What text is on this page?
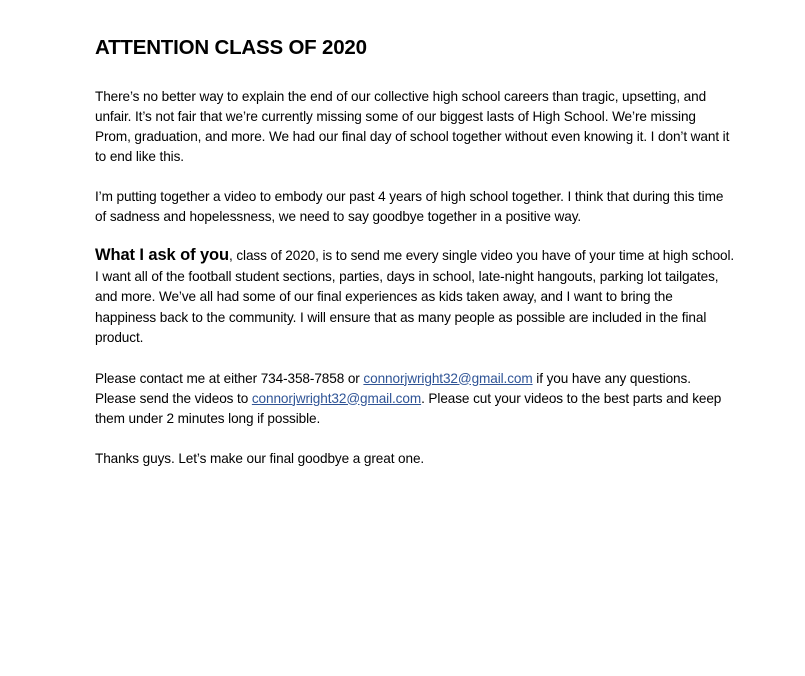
ATTENTION CLASS OF 2020

There’s no better way to explain the end of our collective high school careers than tragic, upsetting, and unfair. It’s not fair that we’re currently missing some of our biggest lasts of High School. We’re missing Prom, graduation, and more. We had our final day of school together without even knowing it. I don’t want it to end like this.

I’m putting together a video to embody our past 4 years of high school together. I think that during this time of sadness and hopelessness, we need to say goodbye together in a positive way.

What I ask of you, class of 2020, is to send me every single video you have of your time at high school. I want all of the football student sections, parties, days in school, late-night hangouts, parking lot tailgates, and more. We’ve all had some of our final experiences as kids taken away, and I want to bring the happiness back to the community. I will ensure that as many people as possible are included in the final product.

Please contact me at either 734-358-7858 or connorjwright32@gmail.com if you have any questions. Please send the videos to connorjwright32@gmail.com. Please cut your videos to the best parts and keep them under 2 minutes long if possible.

Thanks guys. Let’s make our final goodbye a great one.
